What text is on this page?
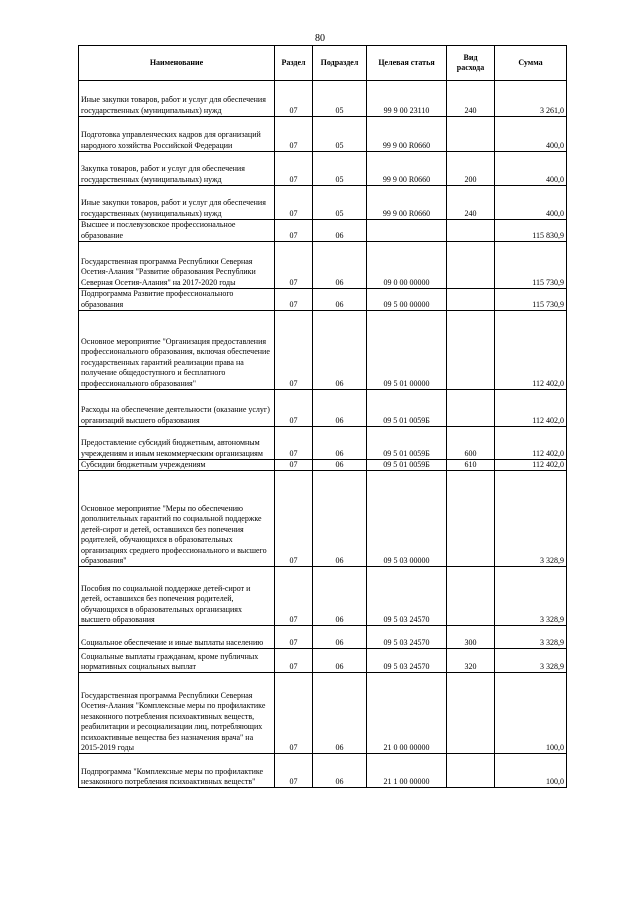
80
Наименование	Раздел	Подраздел	Целевая статья	Вид расхода	Сумма
Иные закупки товаров, работ и услуг для обеспечения государственных (муниципальных) нужд	07	05	99 9 00 23110	240	3 261,0
Подготовка управленческих кадров для организаций народного хозяйства Российской Федерации	07	05	99 9 00 R0660		400,0
Закупка товаров, работ и услуг для обеспечения государственных (муниципальных) нужд	07	05	99 9 00 R0660	200	400,0
Иные закупки товаров, работ и услуг для обеспечения государственных (муниципальных) нужд	07	05	99 9 00 R0660	240	400,0
Высшее и послевузовское профессиональное образование	07	06			115 830,9
Государственная программа Республики Северная Осетия-Алания "Развитие образования Республики Северная Осетия-Алания" на 2017-2020 годы	07	06	09 0 00 00000		115 730,9
Подпрограмма Развитие профессионального образования	07	06	09 5 00 00000		115 730,9
Основное мероприятие "Организация предоставления профессионального образования, включая обеспечение государственных гарантий реализации права на получение общедоступного и бесплатного профессионального образования"	07	06	09 5 01 00000		112 402,0
Расходы на обеспечение деятельности (оказание услуг) организаций высшего образования	07	06	09 5 01 0059Б		112 402,0
Предоставление субсидий бюджетным, автономным учреждениям и иным некоммерческим организациям	07	06	09 5 01 0059Б	600	112 402,0
Субсидии бюджетным учреждениям	07	06	09 5 01 0059Б	610	112 402,0
Основное мероприятие "Меры по обеспечению дополнительных гарантий по социальной поддержке детей-сирот и детей, оставшихся без попечения родителей, обучающихся в образовательных организациях среднего профессионального и высшего образования"	07	06	09 5 03 00000		3 328,9
Пособия по социальной поддержке детей-сирот и детей, оставшихся без попечения родителей, обучающихся в образовательных организациях высшего образования	07	06	09 5 03 24570		3 328,9
Социальное обеспечение и иные выплаты населению	07	06	09 5 03 24570	300	3 328,9
Социальные выплаты гражданам, кроме публичных нормативных социальных выплат	07	06	09 5 03 24570	320	3 328,9
Государственная программа Республики Северная Осетия-Алания "Комплексные меры по профилактике незаконного потребления психоактивных веществ, реабилитации и ресоциализации лиц, потребляющих психоактивные вещества без назначения врача" на 2015-2019 годы	07	06	21 0 00 00000		100,0
Подпрограмма "Комплексные меры по профилактике незаконного потребления психоактивных веществ"	07	06	21 1 00 00000		100,0
